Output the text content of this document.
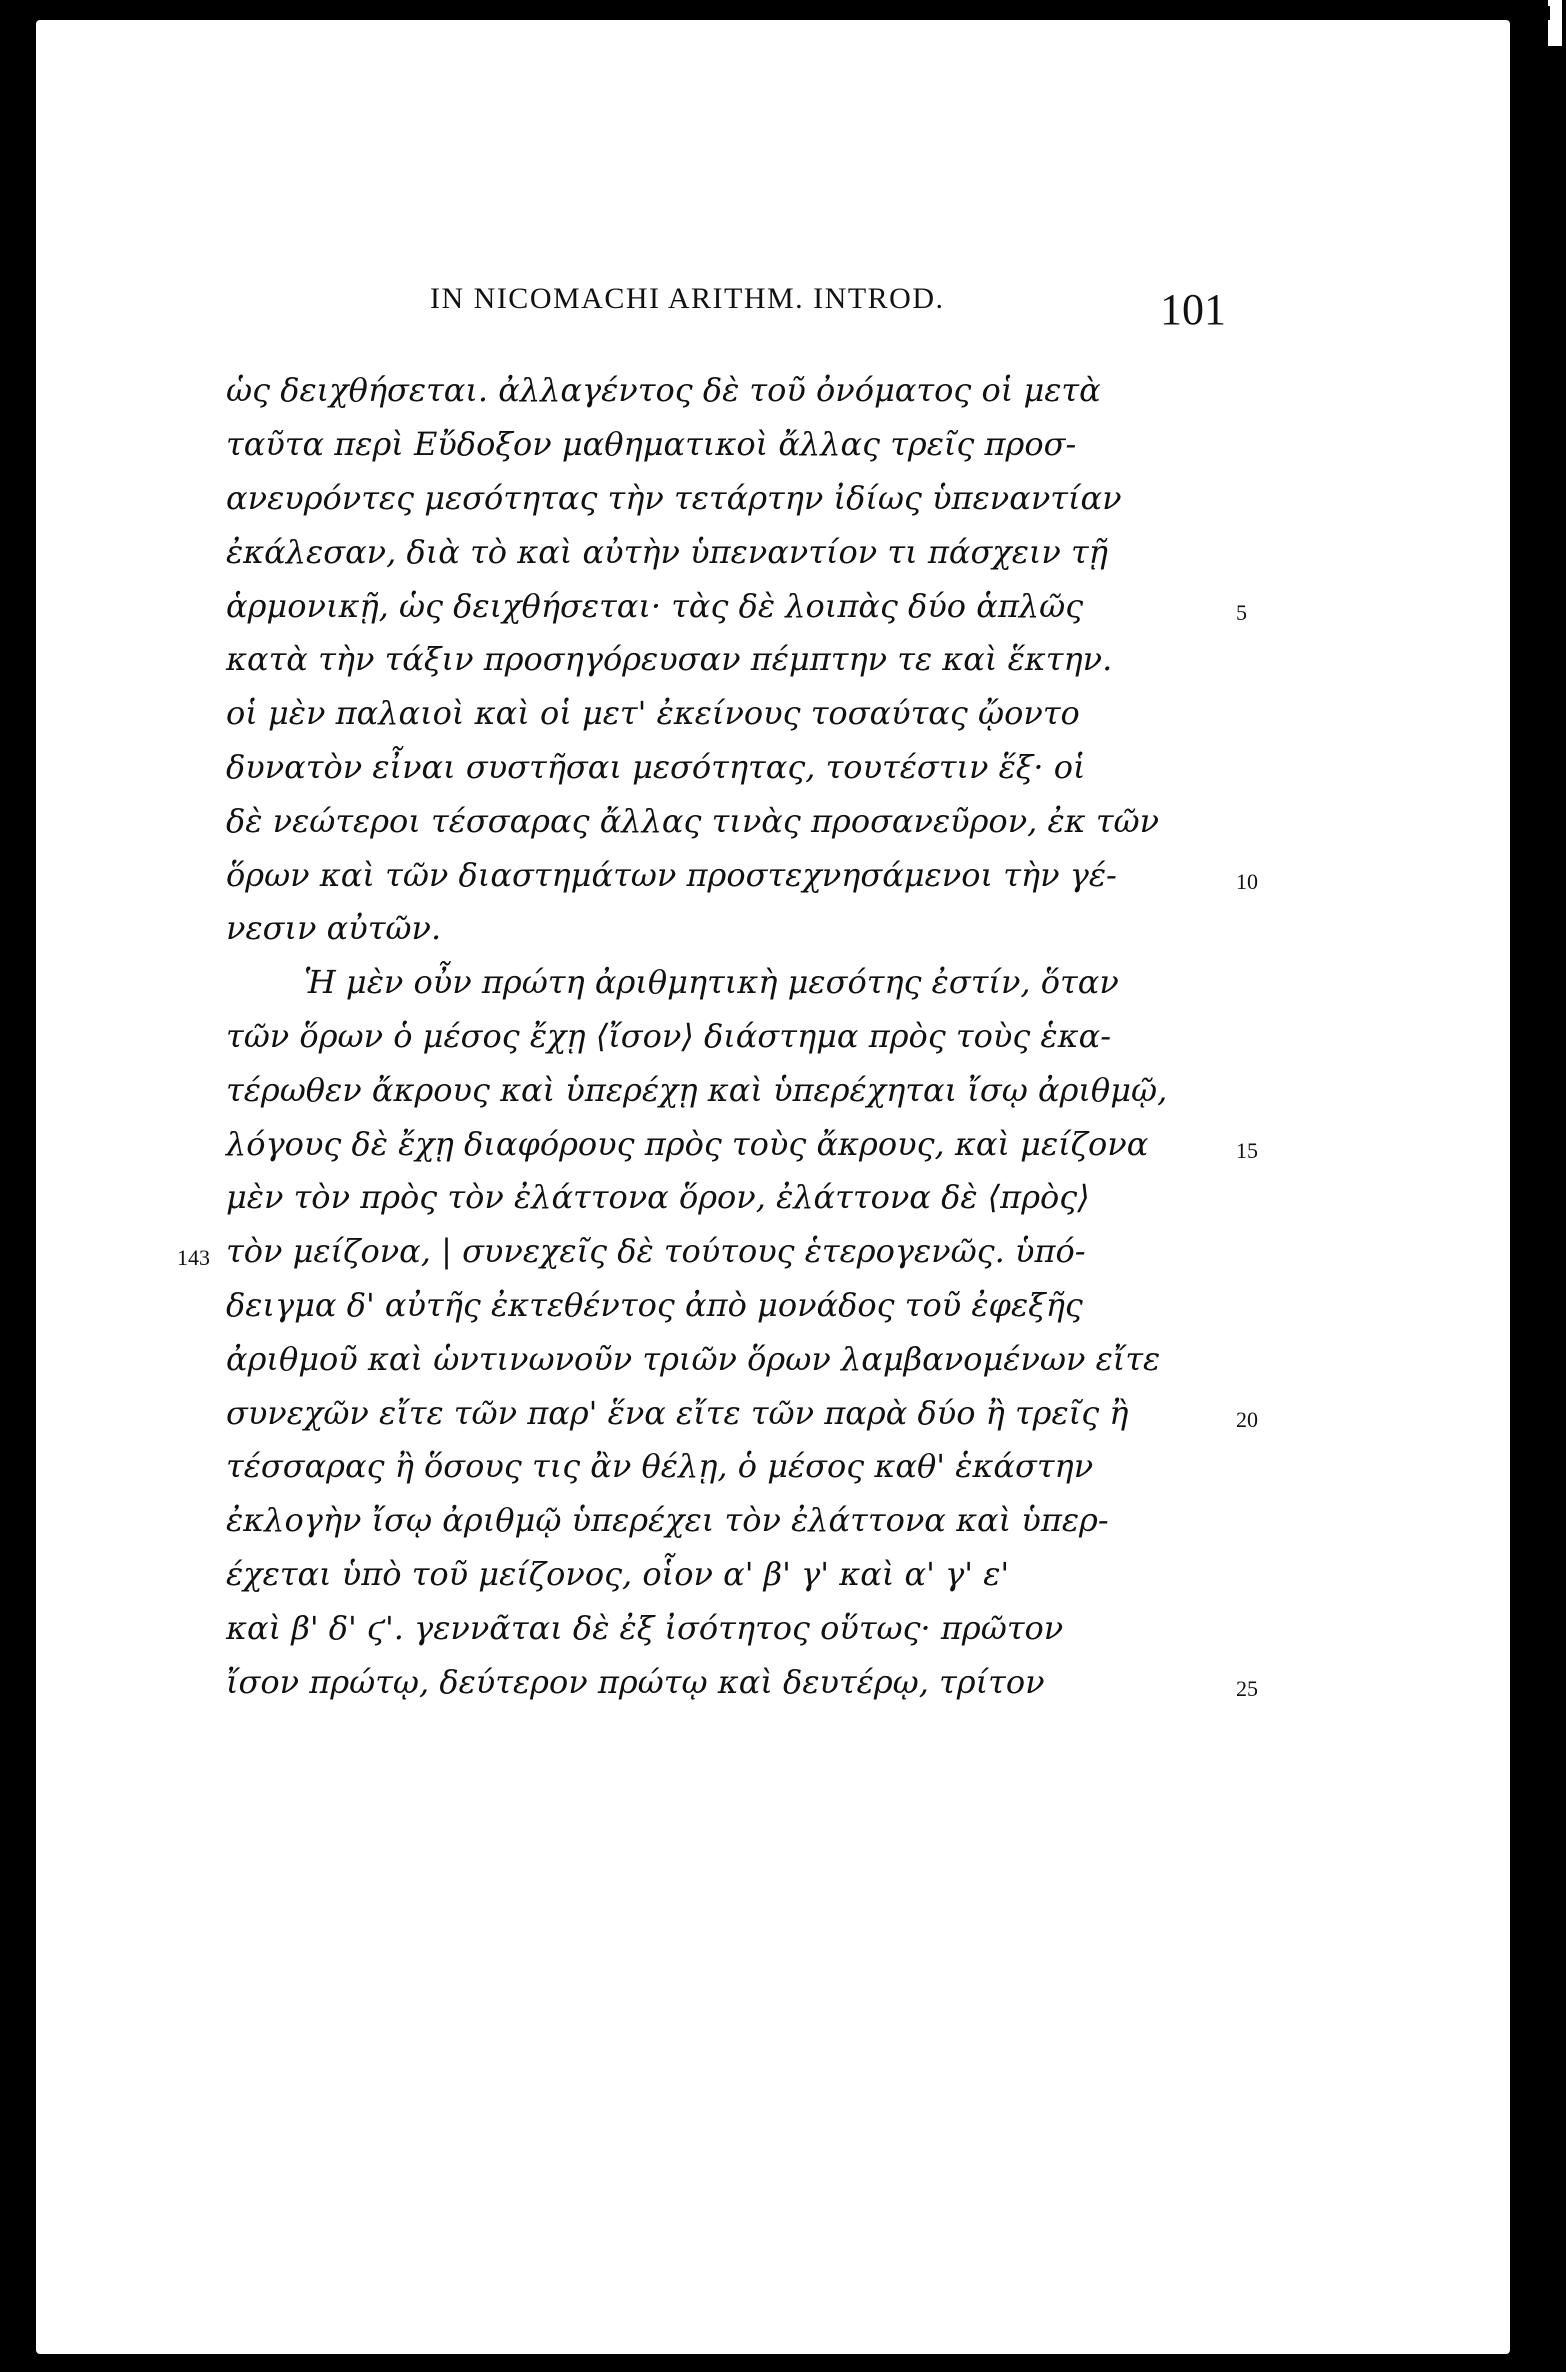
IN NICOMACHI ARITHM. INTROD.	101
ὡς δειχθήσεται. ἀλλαγέντος δὲ τοῦ ὀνόματος οἱ μετὰ
ταῦτα περὶ Εὔδοξον μαθηματικοὶ ἄλλας τρεῖς προσ-
ανευρόντες μεσότητας τὴν τετάρτην ἰδίως ὑπεναντίαν
ἐκάλεσαν, διὰ τὸ καὶ αὐτὴν ὑπεναντίον τι πάσχειν τῇ
ἁρμονικῇ, ὡς δειχθήσεται· τὰς δὲ λοιπὰς δύο ἁπλῶς
κατὰ τὴν τάξιν προσηγόρευσαν πέμπτην τε καὶ ἕκτην.
οἱ μὲν παλαιοὶ καὶ οἱ μετ' ἐκείνους τοσαύτας ᾤοντο
δυνατὸν εἶναι συστῆσαι μεσότητας, τουτέστιν ἕξ· οἱ
δὲ νεώτεροι τέσσαρας ἄλλας τινὰς προσανεῦρον, ἐκ τῶν
ὅρων καὶ τῶν διαστημάτων προστεχνησάμενοι τὴν γέ-
νεσιν αὐτῶν.
Ἡ μὲν οὖν πρώτη ἀριθμητικὴ μεσότης ἐστίν, ὅταν
τῶν ὅρων ὁ μέσος ἔχῃ ⟨ἴσον⟩ διάστημα πρὸς τοὺς ἑκα-
τέρωθεν ἄκρους καὶ ὑπερέχῃ καὶ ὑπερέχηται ἴσῳ ἀριθμῷ,
λόγους δὲ ἔχῃ διαφόρους πρὸς τοὺς ἄκρους, καὶ μείζονα
μὲν τὸν πρὸς τὸν ἐλάττονα ὅρον, ἐλάττονα δὲ ⟨πρὸς⟩
τὸν μείζονα, | συνεχεῖς δὲ τούτους ἑτερογενῶς. ὑπό-
δειγμα δ' αὐτῆς ἐκτεθέντος ἀπὸ μονάδος τοῦ ἐφεξῆς
ἀριθμοῦ καὶ ὡντινωνοῦν τριῶν ὅρων λαμβανομένων εἴτε
συνεχῶν εἴτε τῶν παρ' ἕνα εἴτε τῶν παρὰ δύο ἢ τρεῖς ἢ
τέσσαρας ἢ ὅσους τις ἂν θέλῃ, ὁ μέσος καθ' ἑκάστην
ἐκλογὴν ἴσῳ ἀριθμῷ ὑπερέχει τὸν ἐλάττονα καὶ ὑπερ-
έχεται ὑπὸ τοῦ μείζονος, οἷον α' β' γ' καὶ α' γ' ε'
καὶ β' δ' ϛ'. γεννᾶται δὲ ἐξ ἰσότητος οὕτως· πρῶτον
ἴσον πρώτῳ, δεύτερον πρώτῳ καὶ δευτέρῳ, τρίτον
5
10
15
20
25
143
